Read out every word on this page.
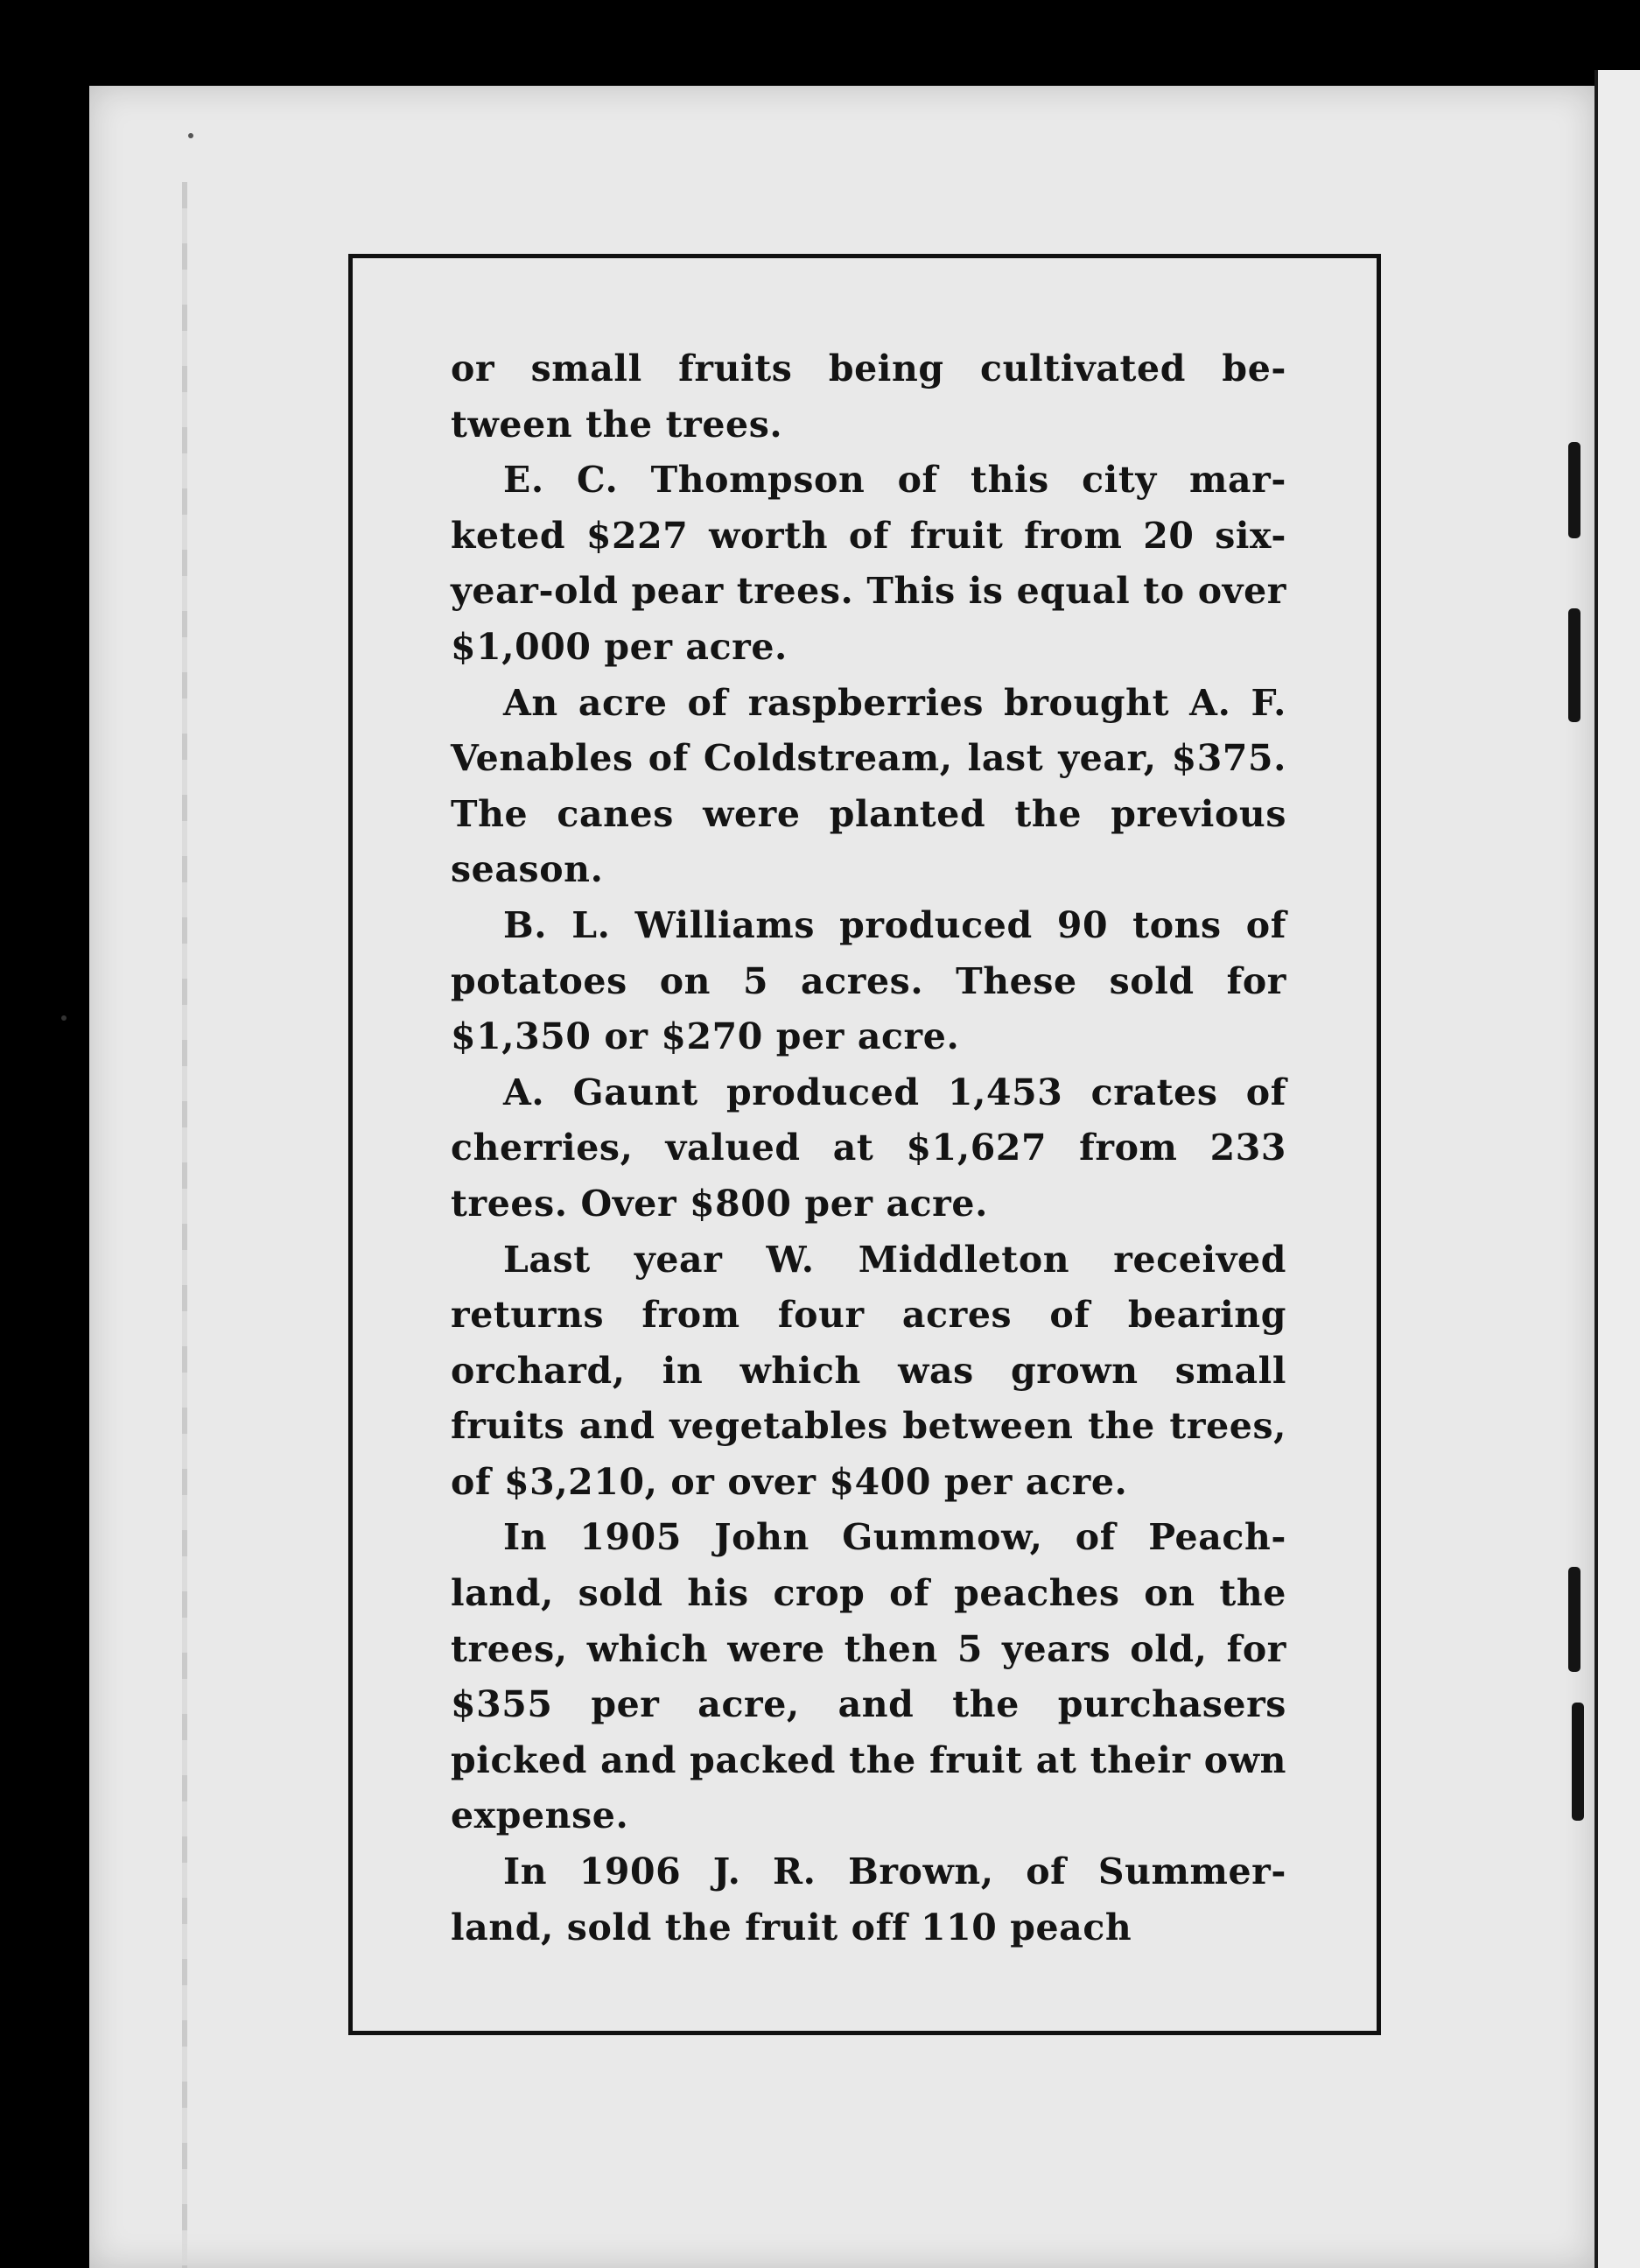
or small fruits being cultivated be- tween the trees.

E. C. Thompson of this city mar- keted $227 worth of fruit from 20 six-year-old pear trees. This is equal to over $1,000 per acre.

An acre of raspberries brought A. F. Venables of Coldstream, last year, $375. The canes were planted the previous season.

B. L. Williams produced 90 tons of potatoes on 5 acres. These sold for $1,350 or $270 per acre.

A. Gaunt produced 1,453 crates of cherries, valued at $1,627 from 233 trees. Over $800 per acre.

Last year W. Middleton received returns from four acres of bearing orchard, in which was grown small fruits and vegetables between the trees, of $3,210, or over $400 per acre.

In 1905 John Gummow, of Peach- land, sold his crop of peaches on the trees, which were then 5 years old, for $355 per acre, and the purchasers picked and packed the fruit at their own expense.

In 1906 J. R. Brown, of Summer- land, sold the fruit off 110 peach
